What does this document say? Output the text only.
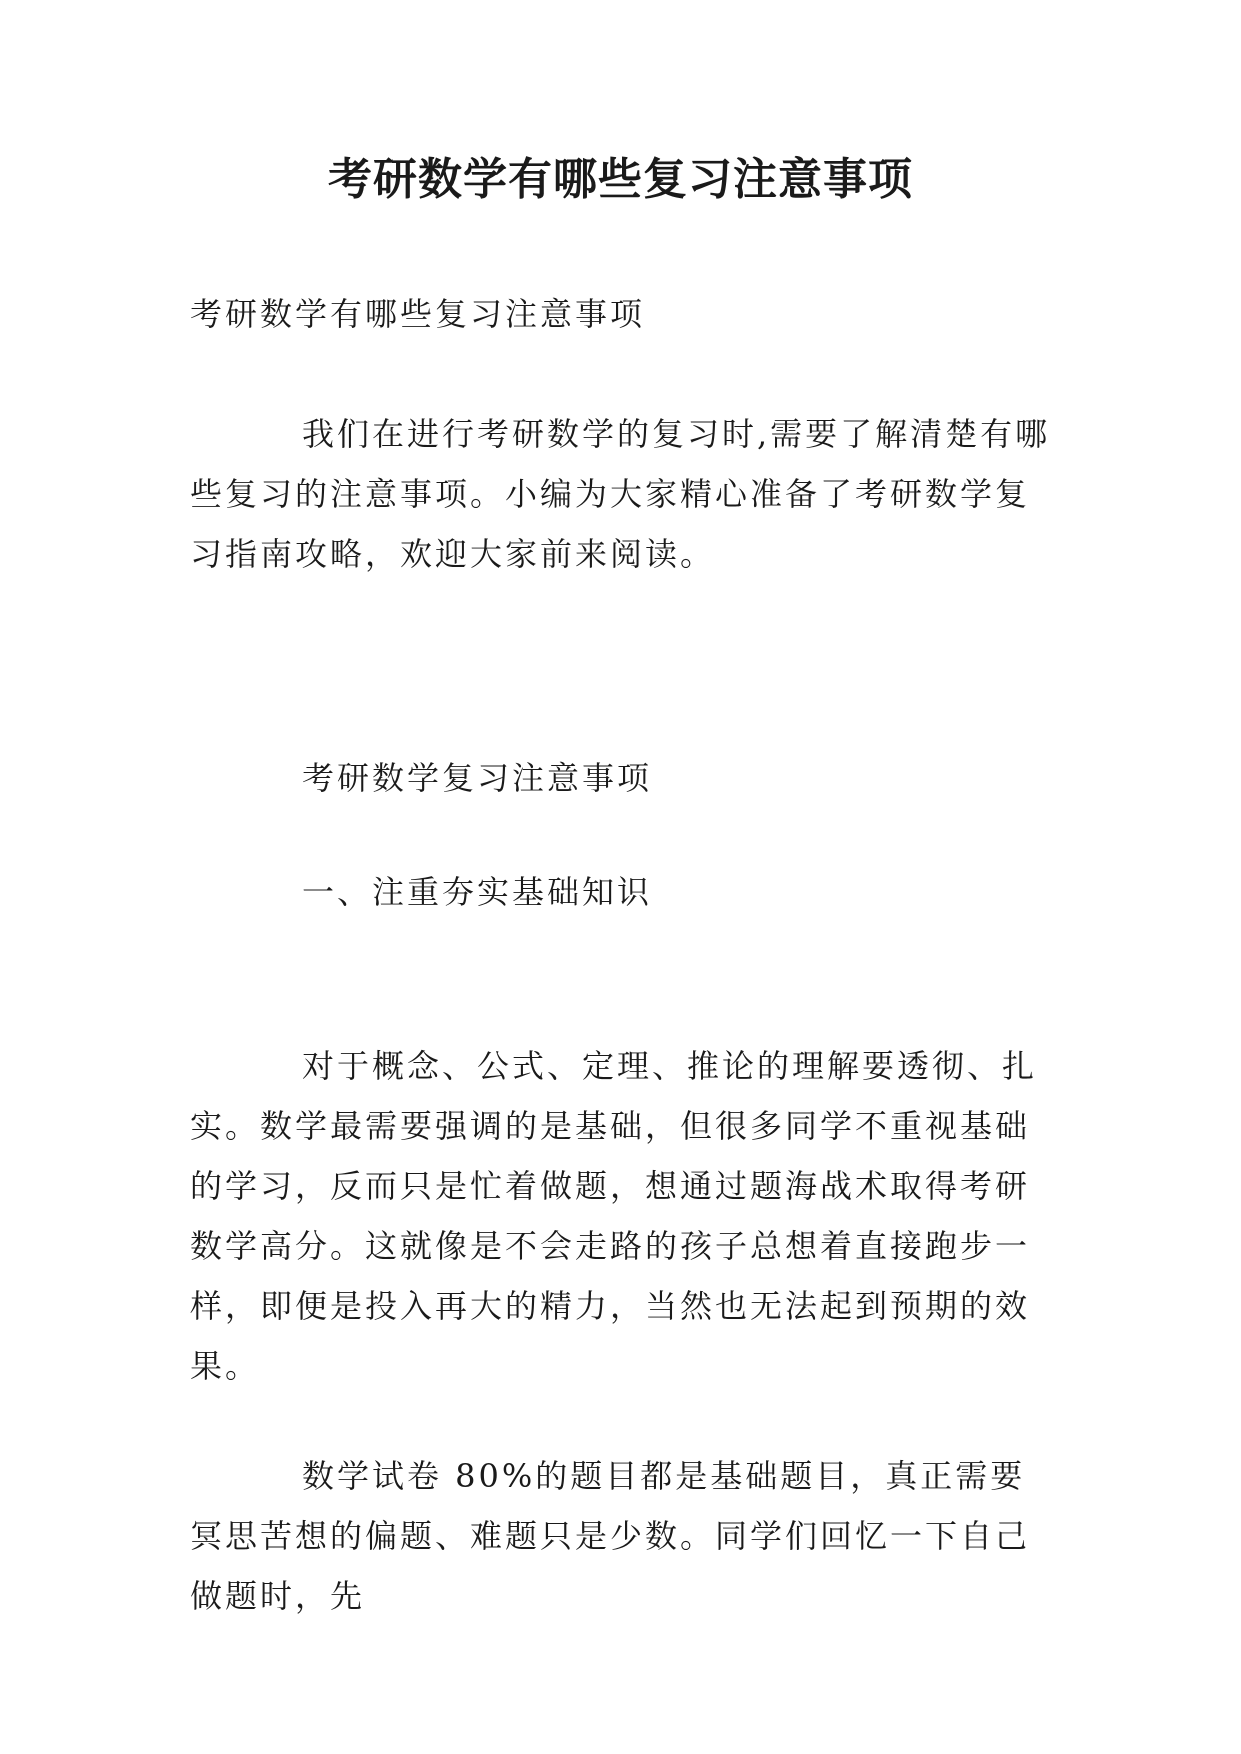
考研数学有哪些复习注意事项

考研数学有哪些复习注意事项

我们在进行考研数学的复习时,需要了解清楚有哪些复习的注意事项。小编为大家精心准备了考研数学复习指南攻略，欢迎大家前来阅读。

考研数学复习注意事项

一、注重夯实基础知识

对于概念、公式、定理、推论的理解要透彻、扎实。数学最需要强调的是基础，但很多同学不重视基础的学习，反而只是忙着做题，想通过题海战术取得考研数学高分。这就像是不会走路的孩子总想着直接跑步一样，即便是投入再大的精力，当然也无法起到预期的效果。

数学试卷 80%的题目都是基础题目，真正需要冥思苦想的偏题、难题只是少数。同学们回忆一下自己做题时，先
